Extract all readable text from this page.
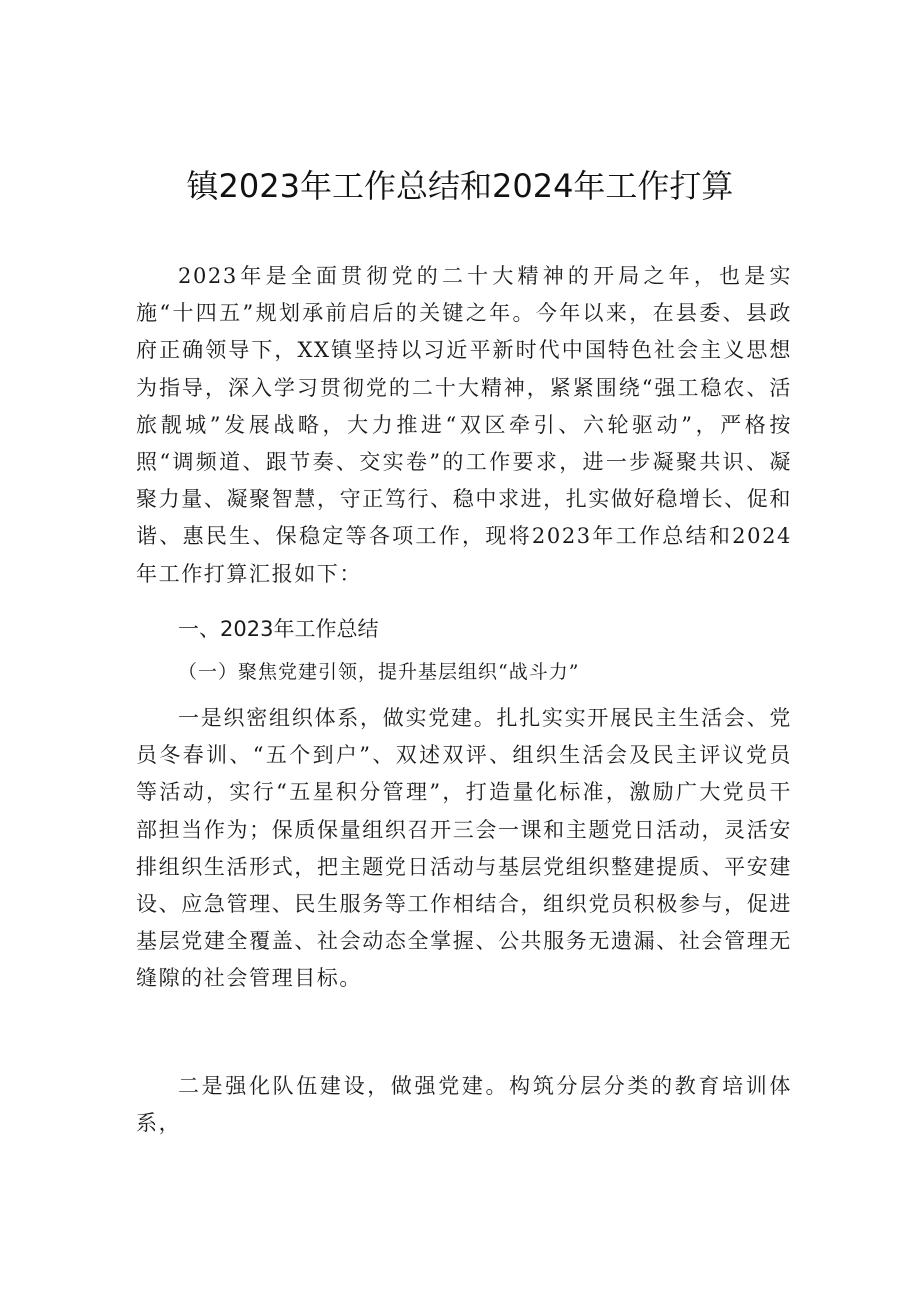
镇2023年工作总结和2024年工作打算

2023年是全面贯彻党的二十大精神的开局之年，也是实施“十四五”规划承前启后的关键之年。今年以来，在县委、县政府正确领导下，XX镇坚持以习近平新时代中国特色社会主义思想为指导，深入学习贯彻党的二十大精神，紧紧围绕“强工稳农、活旅靓城”发展战略，大力推进“双区牵引、六轮驱动”，严格按照“调频道、跟节奏、交实卷”的工作要求，进一步凝聚共识、凝聚力量、凝聚智慧，守正笃行、稳中求进，扎实做好稳增长、促和谐、惠民生、保稳定等各项工作，现将2023年工作总结和2024年工作打算汇报如下：

一、2023年工作总结
（一）聚焦党建引领，提升基层组织“战斗力”

一是织密组织体系，做实党建。扎扎实实开展民主生活会、党员冬春训、“五个到户”、双述双评、组织生活会及民主评议党员等活动，实行“五星积分管理”，打造量化标准，激励广大党员干部担当作为；保质保量组织召开三会一课和主题党日活动，灵活安排组织生活形式，把主题党日活动与基层党组织整建提质、平安建设、应急管理、民生服务等工作相结合，组织党员积极参与，促进基层党建全覆盖、社会动态全掌握、公共服务无遗漏、社会管理无缝隙的社会管理目标。

二是强化队伍建设，做强党建。构筑分层分类的教育培训体系，
